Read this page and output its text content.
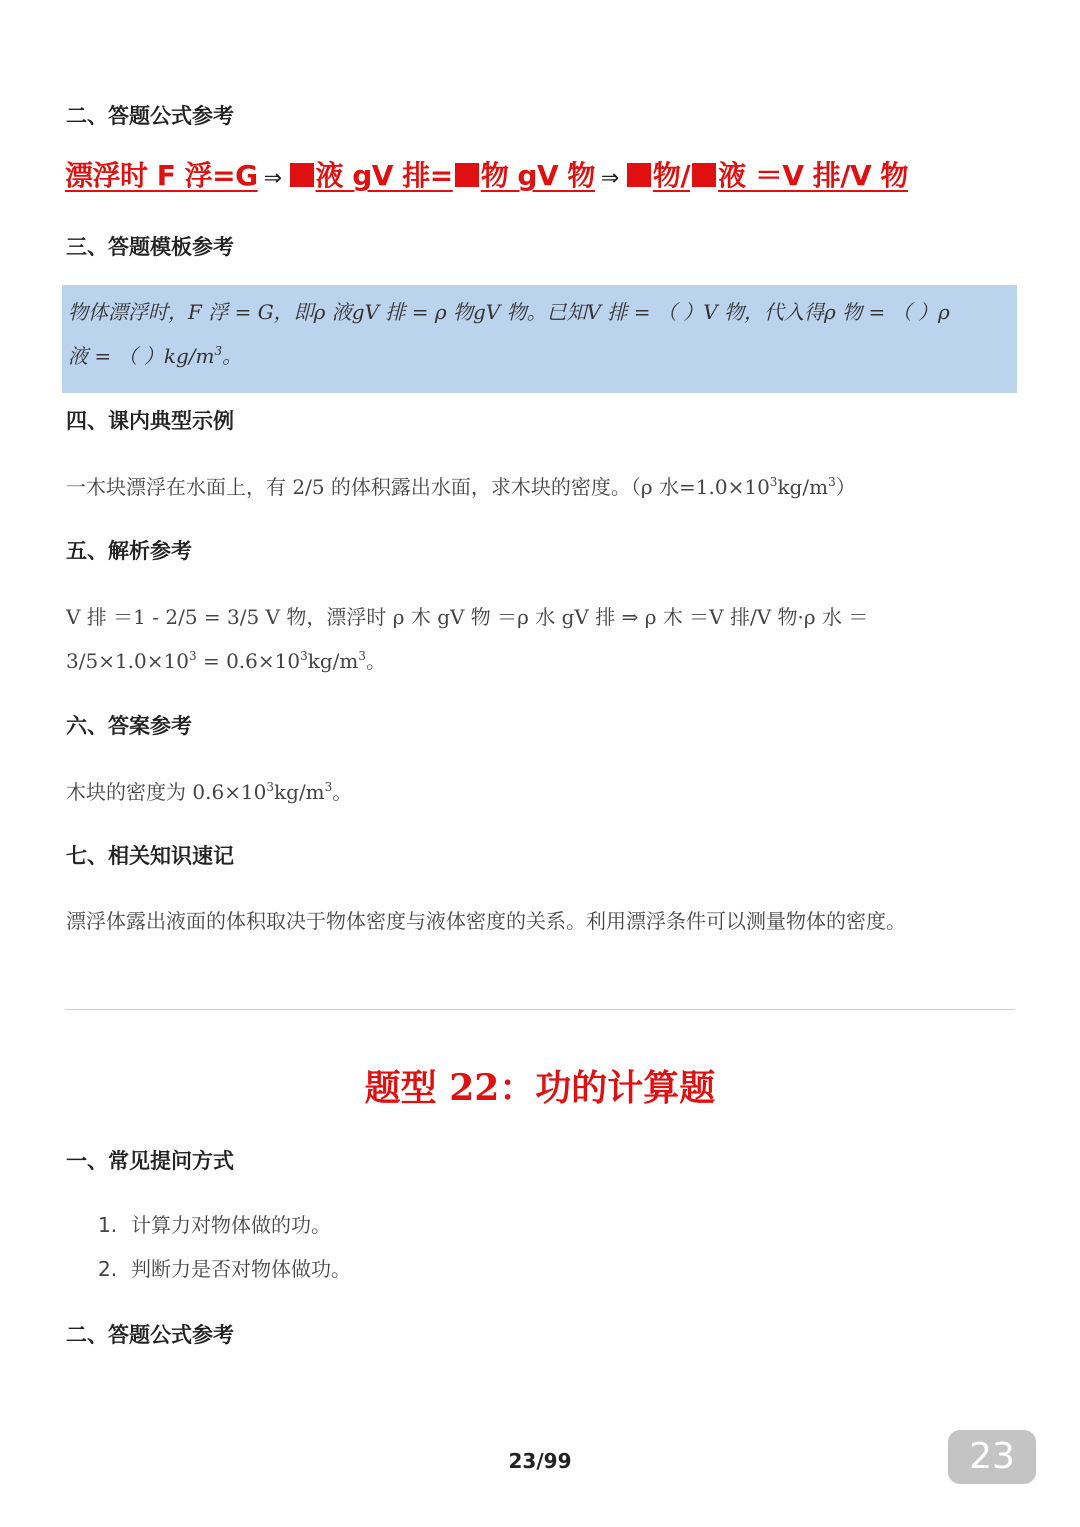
二、答题公式参考
漂浮时 F 浮=G ⇒ 液 gV 排= 物 gV 物 ⇒ 物/ 液 ＝V 排/V 物
三、答题模板参考
物体漂浮时，F 浮 = G，即ρ 液gV 排 = ρ 物gV 物。已知V 排 = （ ）V 物，代入得ρ 物 = （ ）ρ
液 = （ ）$kg/m^3$。
四、课内典型示例
一木块漂浮在水面上，有 2/5 的体积露出水面，求木块的密度。（ρ 水$=1.0\times 10^3kg/m^3$）
五、解析参考
V 排 ＝1 - 2/5 = 3/5 V 物，漂浮时 ρ 木 gV 物 ＝ρ 水 gV 排 ⇒ ρ 木 ＝V 排/V 物·ρ 水 ＝
$3/5\times 1.0\times 10^3 = 0.6\times 10^3kg/m^3$。
六、答案参考
木块的密度为 $0.6\times 10^3kg/m^3$。
七、相关知识速记
漂浮体露出液面的体积取决于物体密度与液体密度的关系。利用漂浮条件可以测量物体的密度。
题型 22：功的计算题
一、常见提问方式
1. 计算力对物体做的功。
2. 判断力是否对物体做功。
二、答题公式参考
23/99	23
